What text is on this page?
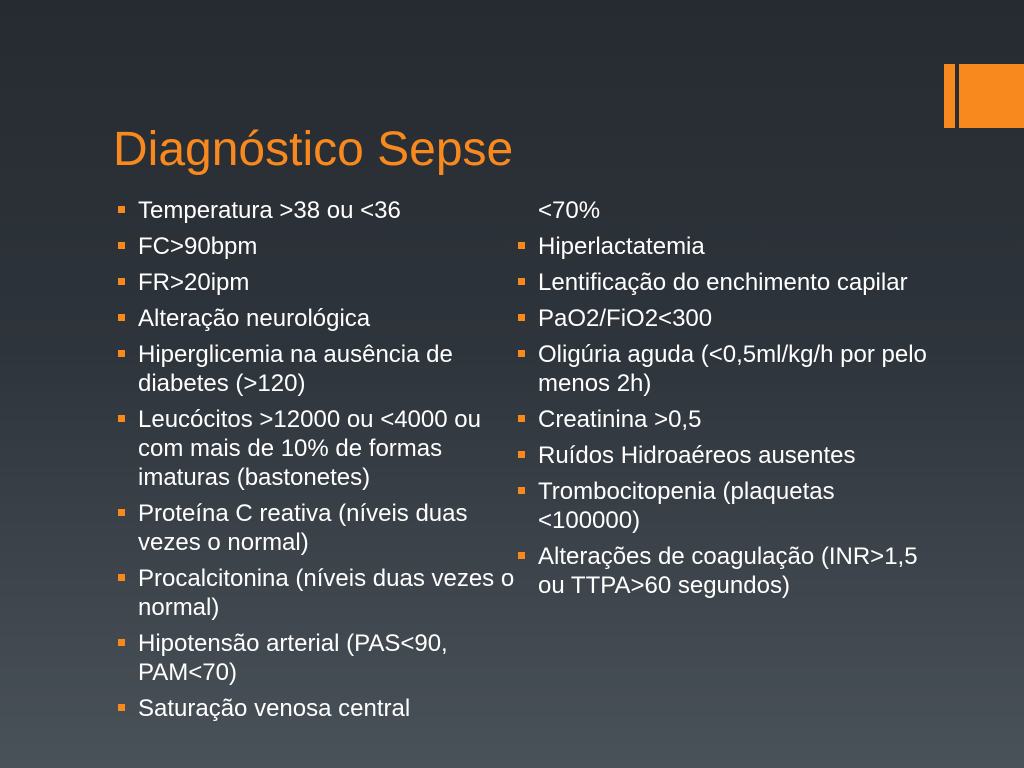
Diagnóstico Sepse
Temperatura >38 ou <36
FC>90bpm
FR>20ipm
Alteração neurológica
Hiperglicemia na ausência de diabetes (>120)
Leucócitos >12000 ou <4000 ou com mais de 10% de formas imaturas (bastonetes)
Proteína C reativa (níveis duas vezes o normal)
Procalcitonina (níveis duas vezes o normal)
Hipotensão arterial (PAS<90, PAM<70)
Saturação venosa central
<70%
Hiperlactatemia
Lentificação do enchimento capilar
PaO2/FiO2<300
Oligúria aguda (<0,5ml/kg/h por pelo menos 2h)
Creatinina >0,5
Ruídos Hidroaéreos ausentes
Trombocitopenia (plaquetas <100000)
Alterações de coagulação (INR>1,5 ou TTPA>60 segundos)
